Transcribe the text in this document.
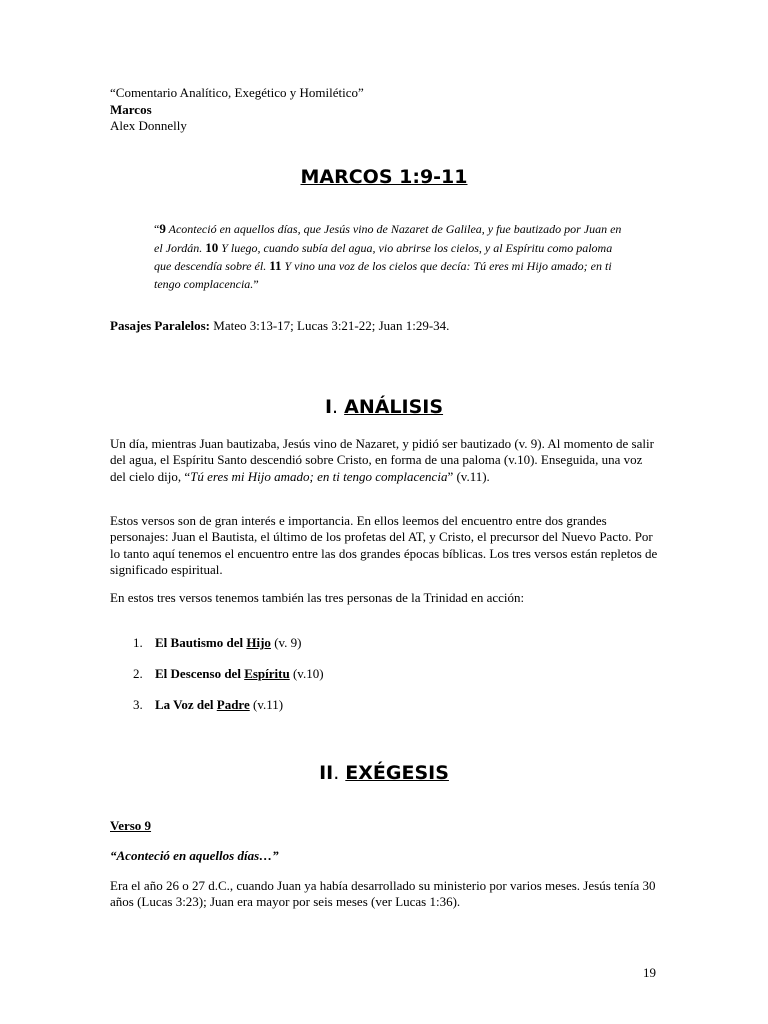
“Comentario Analítico, Exegético y Homilético”
Marcos
Alex Donnelly
MARCOS 1:9-11
“9 Aconteció en aquellos días, que Jesús vino de Nazaret de Galilea, y fue bautizado por Juan en el Jordán. 10 Y luego, cuando subía del agua, vio abrirse los cielos, y al Espíritu como paloma que descendía sobre él. 11 Y vino una voz de los cielos que decía: Tú eres mi Hijo amado; en ti tengo complacencia.”
Pasajes Paralelos: Mateo 3:13-17; Lucas 3:21-22; Juan 1:29-34.
I. ANÁLISIS
Un día, mientras Juan bautizaba, Jesús vino de Nazaret, y pidió ser bautizado (v. 9). Al momento de salir del agua, el Espíritu Santo descendió sobre Cristo, en forma de una paloma (v.10). Enseguida, una voz del cielo dijo, “Tú eres mi Hijo amado; en ti tengo complacencia” (v.11).
Estos versos son de gran interés e importancia. En ellos leemos del encuentro entre dos grandes personajes: Juan el Bautista, el último de los profetas del AT, y Cristo, el precursor del Nuevo Pacto. Por lo tanto aquí tenemos el encuentro entre las dos grandes épocas bíblicas. Los tres versos están repletos de significado espiritual.
En estos tres versos tenemos también las tres personas de la Trinidad en acción:
1. El Bautismo del Hijo (v. 9)
2. El Descenso del Espíritu (v.10)
3. La Voz del Padre (v.11)
II. EXÉGESIS
Verso 9
“Aconteció en aquellos días…”
Era el año 26 o 27 d.C., cuando Juan ya había desarrollado su ministerio por varios meses. Jesús tenía 30 años (Lucas 3:23); Juan era mayor por seis meses (ver Lucas 1:36).
19
